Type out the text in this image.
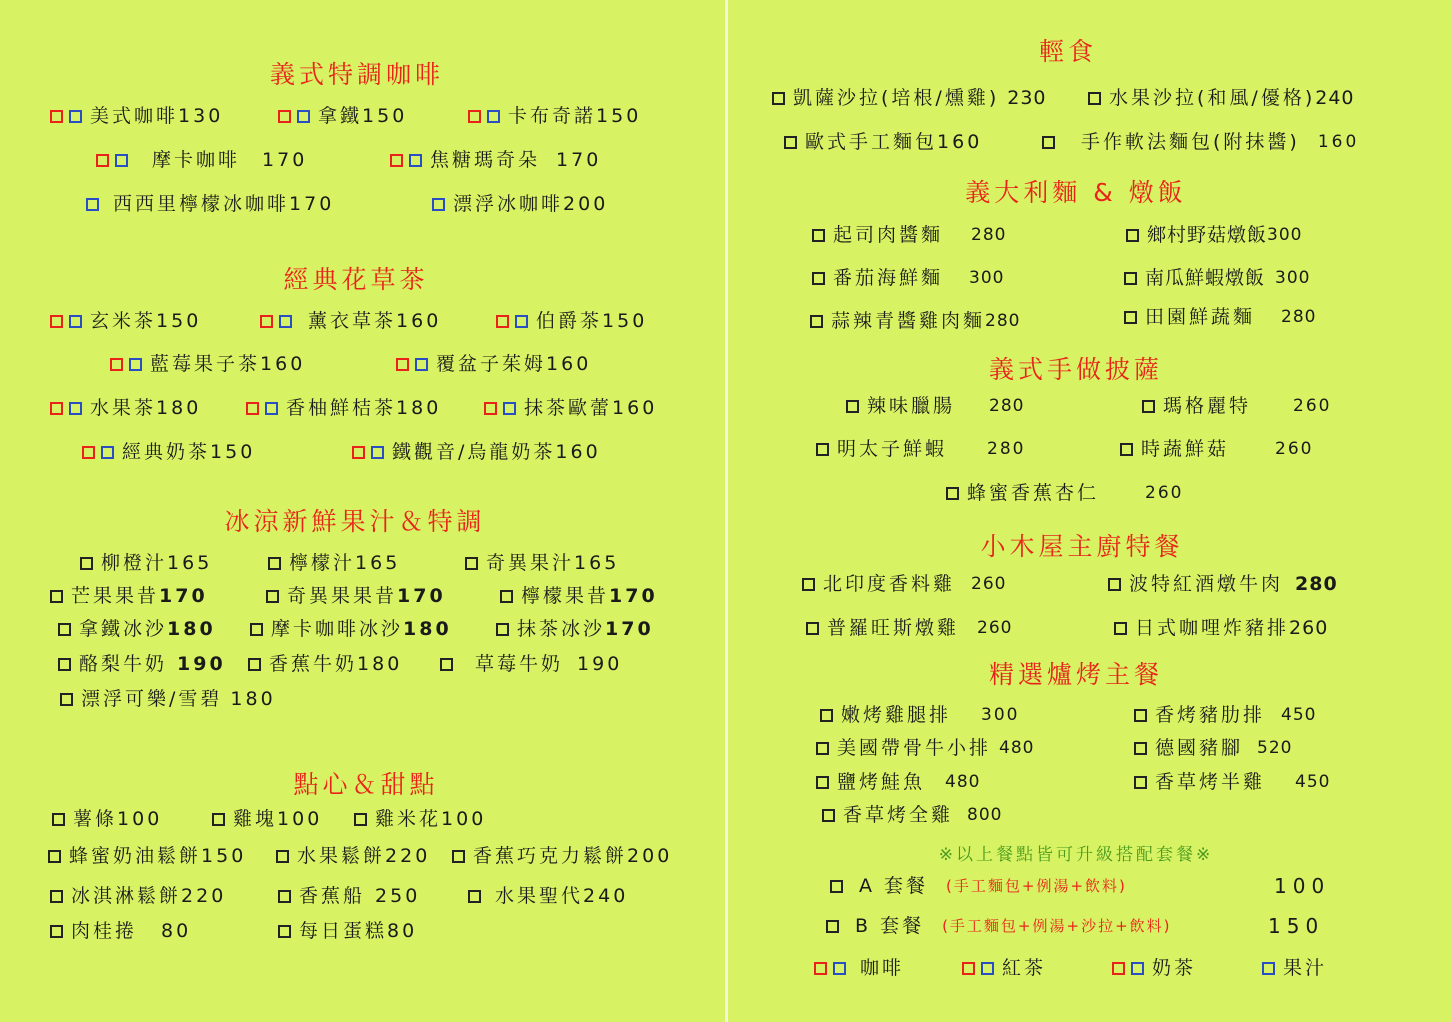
義式特調咖啡
美式咖啡 130	拿鐵 150	卡布奇諾 150
摩卡咖啡 170	焦糖瑪奇朵 170
西西里檸檬冰咖啡 170	漂浮冰咖啡 200
經典花草茶
玄米茶 150	薰衣草茶 160	伯爵茶 150
藍莓果子茶 160	覆盆子茱姆 160
水果茶 180	香柚鮮桔茶 180	抹茶歐蕾 160
經典奶茶 150	鐵觀音/烏龍奶茶 160
冰涼新鮮果汁＆特調
柳橙汁 165	檸檬汁 165	奇異果汁 165
芒果果昔 170	奇異果果昔 170	檸檬果昔 170
拿鐵冰沙 180	摩卡咖啡冰沙 180	抹茶冰沙 170
酪梨牛奶 190 香蕉牛奶 180	草莓牛奶 190
漂浮可樂/雪碧 180
點心＆甜點
薯條 100	雞塊 100	雞米花 100
蜂蜜奶油鬆餅 150	水果鬆餅 220 香蕉巧克力鬆餅 200
冰淇淋鬆餅 220	香蕉船 250	水果聖代 240
肉桂捲 80	每日蛋糕 80
輕食
凱薩沙拉(培根/燻雞) 230	水果沙拉(和風/優格) 240
歐式手工麵包 160	手作軟法麵包(附抹醬) 160
義大利麵 & 燉飯
起司肉醬麵 280	鄉村野菇燉飯 300
番茄海鮮麵 300	南瓜鮮蝦燉飯 300
蒜辣青醬雞肉麵 280	田園鮮蔬麵 280
義式手做披薩
辣味臘腸 280	瑪格麗特 260
明太子鮮蝦 280	時蔬鮮菇	260
蜂蜜香蕉杏仁	260
小木屋主廚特餐
北印度香料雞 260	波特紅酒燉牛肉 280
普羅旺斯燉雞 260	日式咖哩炸豬排 260
精選爐烤主餐
嫩烤雞腿排 300	香烤豬肋排 450
美國帶骨牛小排 480	德國豬腳 520
鹽烤鮭魚 480	香草烤半雞 450
香草烤全雞 800
※以上餐點皆可升級搭配套餐※
A 套餐 (手工麵包+例湯+飲料)	100
B 套餐 (手工麵包+例湯+沙拉+飲料)	150
咖啡	紅茶	奶茶	果汁
